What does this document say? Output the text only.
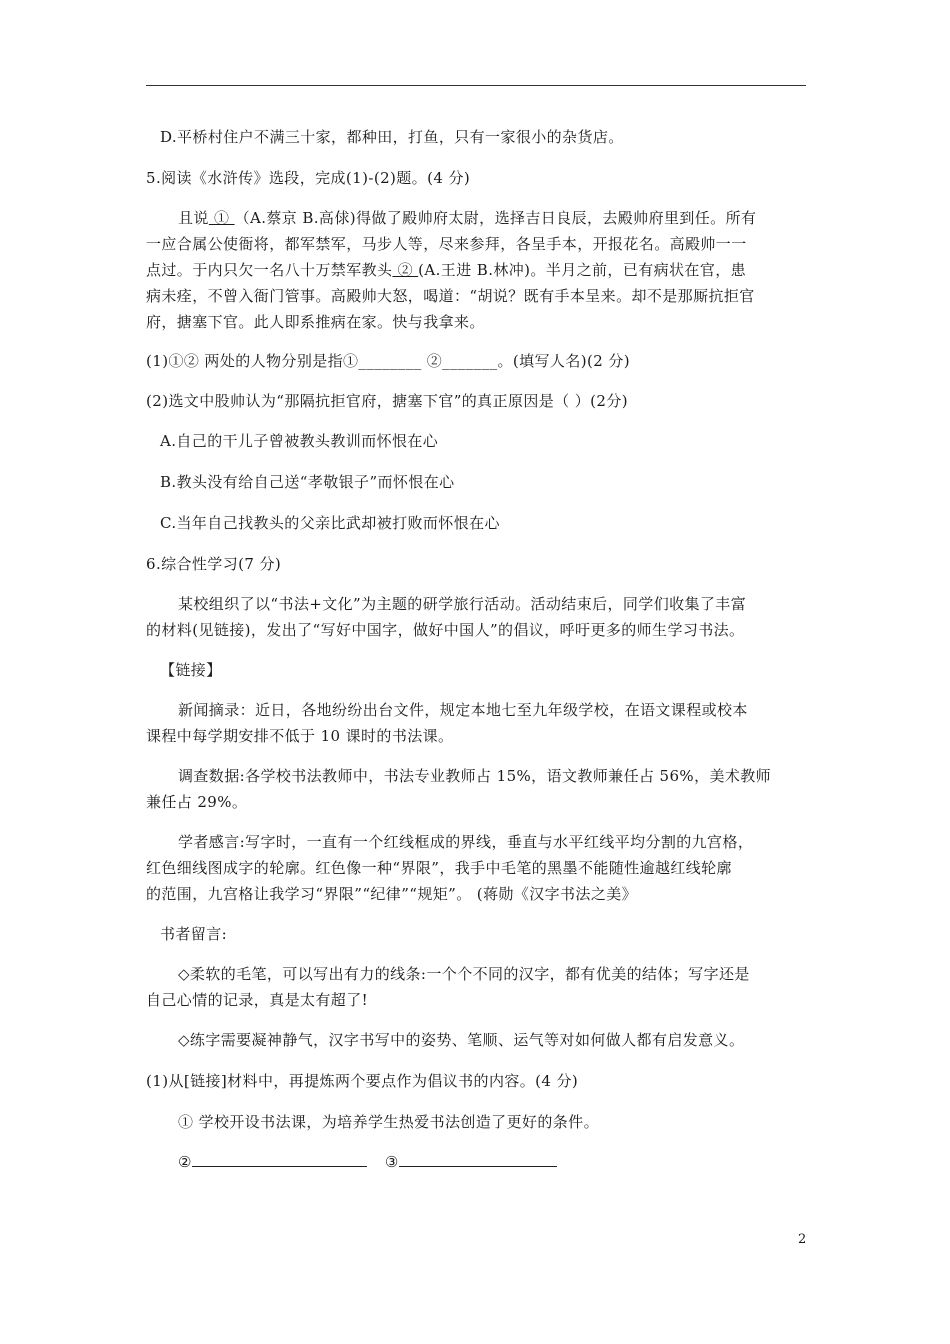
D.平桥村住户不满三十家，都种田，打鱼，只有一家很小的杂货店。
5.阅读《水浒传》选段，完成(1)-(2)题。(4 分)
且说 ① （A.蔡京 B.高俅)得做了殿帅府太尉，选择吉日良辰，去殿帅府里到任。所有
一应合属公使衙将，都军禁军，马步人等，尽来参拜，各呈手本，开报花名。高殿帅一一
点过。于内只欠一名八十万禁军教头 ② (A.王进 B.林冲)。半月之前，已有病状在官，患
病未痊，不曾入衙门管事。高殿帅大怒，喝道：“胡说？既有手本呈来。却不是那厮抗拒官
府，搪塞下官。此人即系推病在家。快与我拿来。
(1)①② 两处的人物分别是指①________ ②_______。(填写人名)(2 分)
(2)选文中股帅认为“那隔抗拒官府，搪塞下官”的真正原因是（ ）(2分)
A.自己的干儿子曾被教头教训而怀恨在心
B.教头没有给自己送“孝敬银子”而怀恨在心
C.当年自己找教头的父亲比武却被打败而怀恨在心
6.综合性学习(7 分)
某校组织了以“书法+文化”为主题的研学旅行活动。活动结束后，同学们收集了丰富
的材料(见链接)，发出了“写好中国字，做好中国人”的倡议，呼吁更多的师生学习书法。
【链接】
新闻摘录：近日，各地纷纷出台文件，规定本地七至九年级学校，在语文课程或校本
课程中每学期安排不低于 10 课时的书法课。
调查数据:各学校书法教师中，书法专业教师占 15%，语文教师兼任占 56%，美术教师
兼任占 29%。
学者感言:写字时，一直有一个红线框成的界线，垂直与水平红线平均分割的九宫格，
红色细线图成字的轮廓。红色像一种“界限”，我手中毛笔的黑墨不能随性逾越红线轮廓
的范围，九宫格让我学习“界限”“纪律”“规矩”。 (蒋勋《汉字书法之美》
书者留言:
◇柔软的毛笔，可以写出有力的线条:一个个不同的汉字，都有优美的结体；写字还是
自己心情的记录，真是太有超了!
◇练字需要凝神静气，汉字书写中的姿势、笔顺、运气等对如何做人都有启发意义。
(1)从[链接]材料中，再提炼两个要点作为倡议书的内容。(4 分)
① 学校开设书法课，为培养学生热爱书法创造了更好的条件。
②	③
2
